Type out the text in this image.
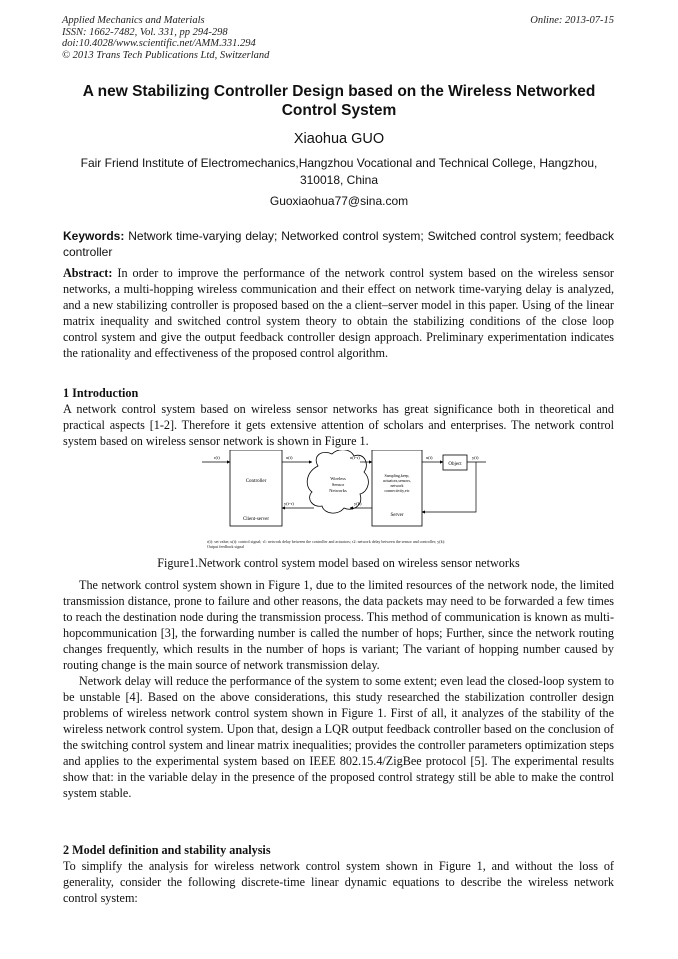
Applied Mechanics and Materials
ISSN: 1662-7482, Vol. 331, pp 294-298
doi:10.4028/www.scientific.net/AMM.331.294
© 2013 Trans Tech Publications Ltd, Switzerland
Online: 2013-07-15
A new Stabilizing Controller Design based on the Wireless Networked
Control System
Xiaohua GUO
Fair Friend Institute of Electromechanics,Hangzhou Vocational and Technical College, Hangzhou,
310018, China
Guoxiaohua77@sina.com
Keywords: Network time-varying delay; Networked control system; Switched control system; feedback controller

Abstract: In order to improve the performance of the network control system based on the wireless sensor networks, a multi-hopping wireless communication and their effect on network time-varying delay is analyzed, and a new stabilizing controller is proposed based on the a client–server model in this paper. Using of the linear matrix inequality and switched control system theory to obtain the stabilizing conditions of the close loop control system and give the output feedback controller design approach. Preliminary experimentation indicates the rationality and effectiveness of the proposed control algorithm.

1 Introduction

A network control system based on wireless sensor networks has great significance both in theoretical and practical aspects [1-2]. Therefore it gets extensive attention of scholars and enterprises. The network control system based on wireless sensor network is shown in Figure 1.

Controller
Client-server
Wireless
Sensor
Networks
Sampling,keep,
actuators,sensors,
network
connectivity,etc
Server
Object
r(t)	u(t)	u(t-τ)	u(t)	y(t)
y(k)
y(t-τ)
r(t): set value; u(t): control signal; τ1: network delay between the controller and actuators; τ2: network delay between the sensor and controller; y(k):
Output feedback signal
Figure1.Network control system model based on wireless sensor networks

The network control system shown in Figure 1, due to the limited resources of the network node, the limited transmission distance, prone to failure and other reasons, the data packets may need to be forwarded a few times to reach the destination node during the transmission process. This method of communication is known as multi-hopcommunication [3], the forwarding number is called the number of hops; Further, since the network routing changes frequently, which results in the number of hops is variant; The variant of hopping number caused by routing change is the main source of network transmission delay.

Network delay will reduce the performance of the system to some extent; even lead the closed-loop system to be unstable [4]. Based on the above considerations, this study researched the stabilization controller design problems of wireless network control system shown in Figure 1. First of all, it analyzes of the stability of the wireless network control system. Upon that, design a LQR output feedback controller based on the conclusion of the switching control system and linear matrix inequalities; provides the controller parameters optimization steps and applies to the experimental system based on IEEE 802.15.4/ZigBee protocol [5]. The experimental results show that: in the variable delay in the presence of the proposed control strategy still be able to make the control system stable.

2 Model definition and stability analysis

To simplify the analysis for wireless network control system shown in Figure 1, and without the loss of generality, consider the following discrete-time linear dynamic equations to describe the wireless network control system:
